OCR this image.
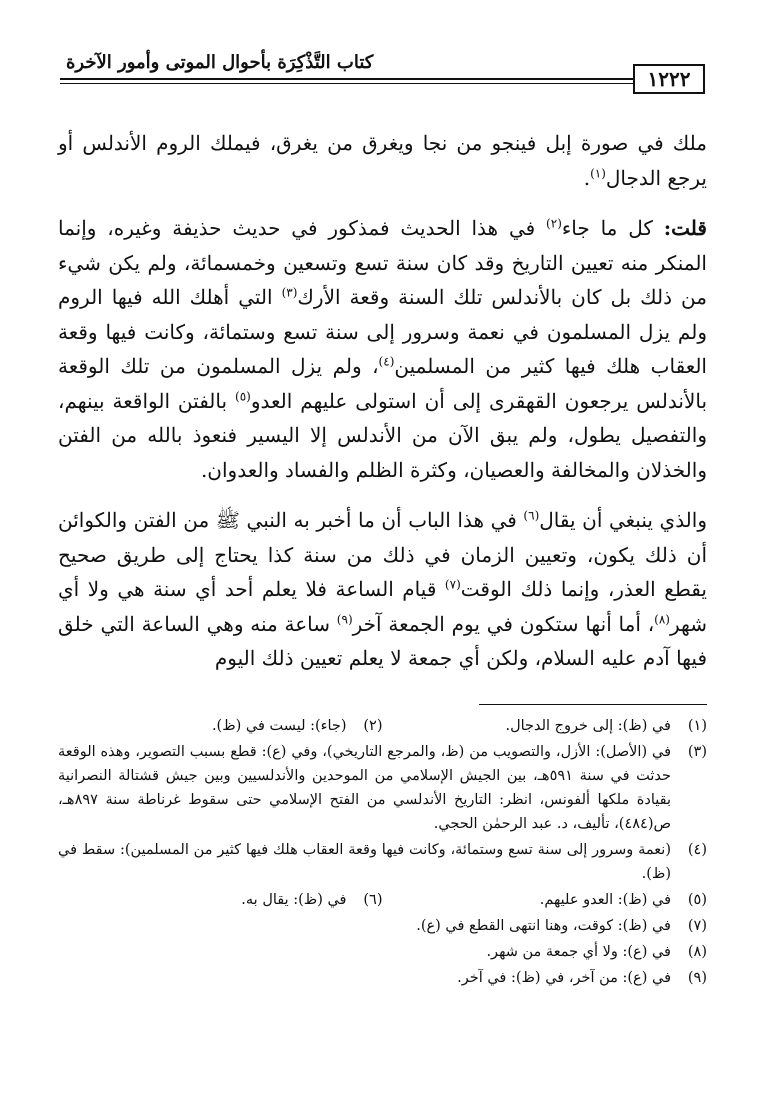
١٢٢٢
كتاب التَّذْكِرَة بأحوال الموتى وأمور الآخرة

ملك في صورة إبل فينجو من نجا ويغرق من يغرق، فيملك الروم الأندلس أو يرجع الدجال$^{(١)}$.

قلت: كل ما جاء$^{(٢)}$ في هذا الحديث فمذكور في حديث حذيفة وغيره، وإنما المنكر منه تعيين التاريخ وقد كان سنة تسع وتسعين وخمسمائة، ولم يكن شيء من ذلك بل كان بالأندلس تلك السنة وقعة الأرك$^{(٣)}$ التي أهلك الله فيها الروم ولم يزل المسلمون في نعمة وسرور إلى سنة تسع وستمائة، وكانت فيها وقعة العقاب هلك فيها كثير من المسلمين$^{(٤)}$، ولم يزل المسلمون من تلك الوقعة بالأندلس يرجعون القهقرى إلى أن استولى عليهم العدو$^{(٥)}$ بالفتن الواقعة بينهم، والتفصيل يطول، ولم يبق الآن من الأندلس إلا اليسير فنعوذ بالله من الفتن والخذلان والمخالفة والعصيان، وكثرة الظلم والفساد والعدوان.

والذي ينبغي أن يقال$^{(٦)}$ في هذا الباب أن ما أخبر به النبي ﷺ من الفتن والكوائن أن ذلك يكون، وتعيين الزمان في ذلك من سنة كذا يحتاج إلى طريق صحيح يقطع العذر، وإنما ذلك الوقت$^{(٧)}$ قيام الساعة فلا يعلم أحد أي سنة هي ولا أي شهر$^{(٨)}$، أما أنها ستكون في يوم الجمعة آخر$^{(٩)}$ ساعة منه وهي الساعة التي خلق فيها آدم عليه السلام، ولكن أي جمعة لا يعلم تعيين ذلك اليوم

(١)
في (ظ): إلى خروج الدجال.
(٢)
(جاء): ليست في (ظ).
(٣)
في (الأصل): الأزل، والتصويب من (ظ، والمرجع التاريخي)، وفي (ع): قطع بسبب التصوير، وهذه الوقعة حدثت في سنة ٥٩١هـ، بين الجيش الإسلامي من الموحدين والأندلسيين وبين جيش قشتالة النصرانية بقيادة ملكها ألفونس، انظر: التاريخ الأندلسي من الفتح الإسلامي حتى سقوط غرناطة سنة ٨٩٧هـ، ص(٤٨٤)، تأليف، د. عبد الرحمٰن الحجي.
(٤)
(نعمة وسرور إلى سنة تسع وستمائة، وكانت فيها وقعة العقاب هلك فيها كثير من المسلمين): سقط في (ظ).
(٥)
في (ظ): العدو عليهم.
(٦)
في (ظ): يقال به.
(٧)
في (ظ): كوقت، وهنا انتهى القطع في (ع).
(٨)
في (ع): ولا أي جمعة من شهر.
(٩)
في (ع): من آخر، في (ظ): في آخر.
